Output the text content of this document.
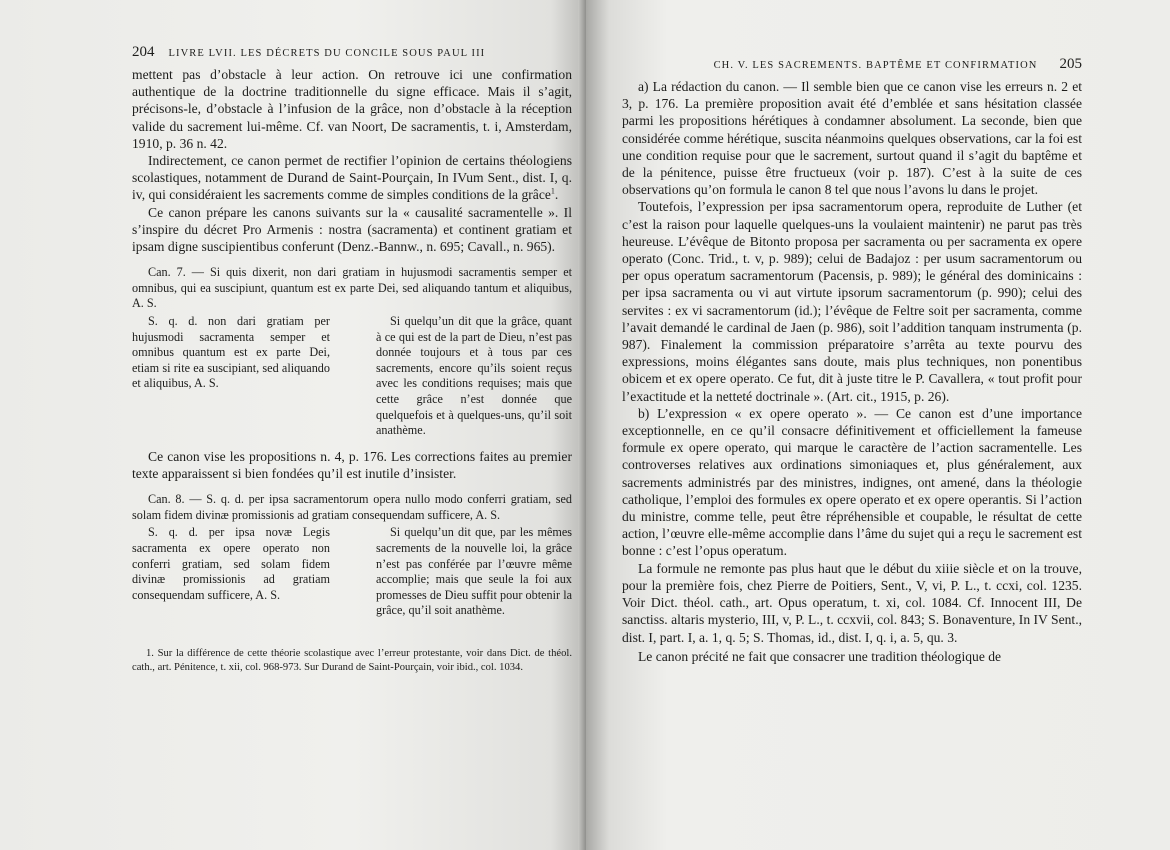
204 LIVRE LVII. LES DÉCRETS DU CONCILE SOUS PAUL III

mettent pas d’obstacle à leur action. On retrouve ici une confirmation authentique de la doctrine traditionnelle du signe efficace. Mais il s’agit, précisons-le, d’obstacle à l’infusion de la grâce, non d’obstacle à la réception valide du sacrement lui-même. Cf. van Noort, De sacramentis, t. i, Amsterdam, 1910, p. 36 n. 42.

Indirectement, ce canon permet de rectifier l’opinion de certains théologiens scolastiques, notamment de Durand de Saint-Pourçain, In IVum Sent., dist. I, q. iv, qui considéraient les sacrements comme de simples conditions de la grâce$^1$.

Ce canon prépare les canons suivants sur la « causalité sacramentelle ». Il s’inspire du décret Pro Armenis : nostra (sacramenta) et continent gratiam et ipsam digne suscipientibus conferunt (Denz.-Bannw., n. 695; Cavall., n. 965).

Can. 7. — Si quis dixerit, non dari gratiam in hujusmodi sacramentis semper et omnibus, qui ea suscipiunt, quantum est ex parte Dei, sed aliquando tantum et aliquibus, A. S.

S. q. d. non dari gratiam per hujusmodi sacramenta semper et omnibus quantum est ex parte Dei, etiam si rite ea suscipiant, sed aliquando et aliquibus, A. S.

Si quelqu’un dit que la grâce, quant à ce qui est de la part de Dieu, n’est pas donnée toujours et à tous par ces sacrements, encore qu’ils soient reçus avec les conditions requises; mais que cette grâce n’est donnée que quelquefois et à quelques-uns, qu’il soit anathème.

Ce canon vise les propositions n. 4, p. 176. Les corrections faites au premier texte apparaissent si bien fondées qu’il est inutile d’insister.

Can. 8. — S. q. d. per ipsa sacramentorum opera nullo modo conferri gratiam, sed solam fidem divinæ promissionis ad gratiam consequendam sufficere, A. S.

S. q. d. per ipsa novæ Legis sacramenta ex opere operato non conferri gratiam, sed solam fidem divinæ promissionis ad gratiam consequendam sufficere, A. S.

Si quelqu’un dit que, par les mêmes sacrements de la nouvelle loi, la grâce n’est pas conférée par l’œuvre même accomplie; mais que seule la foi aux promesses de Dieu suffit pour obtenir la grâce, qu’il soit anathème.

1. Sur la différence de cette théorie scolastique avec l’erreur protestante, voir dans Dict. de théol. cath., art. Pénitence, t. xii, col. 968-973. Sur Durand de Saint-Pourçain, voir ibid., col. 1034.

CH. V. LES SACREMENTS. BAPTÊME ET CONFIRMATION 205

a) La rédaction du canon. — Il semble bien que ce canon vise les erreurs n. 2 et 3, p. 176. La première proposition avait été d’emblée et sans hésitation classée parmi les propositions hérétiques à condamner absolument. La seconde, bien que considérée comme hérétique, suscita néanmoins quelques observations, car la foi est une condition requise pour que le sacrement, surtout quand il s’agit du baptême et de la pénitence, puisse être fructueux (voir p. 187). C’est à la suite de ces observations qu’on formula le canon 8 tel que nous l’avons lu dans le projet.

Toutefois, l’expression per ipsa sacramentorum opera, reproduite de Luther (et c’est la raison pour laquelle quelques-uns la voulaient maintenir) ne parut pas très heureuse. L’évêque de Bitonto proposa per sacramenta ou per sacramenta ex opere operato (Conc. Trid., t. v, p. 989); celui de Badajoz : per usum sacramentorum ou per opus operatum sacramentorum (Pacensis, p. 989); le général des dominicains : per ipsa sacramenta ou vi aut virtute ipsorum sacramentorum (p. 990); celui des servites : ex vi sacramentorum (id.); l’évêque de Feltre soit per sacramenta, comme l’avait demandé le cardinal de Jaen (p. 986), soit l’addition tanquam instrumenta (p. 987). Finalement la commission préparatoire s’arrêta au texte pourvu des expressions, moins élégantes sans doute, mais plus techniques, non ponentibus obicem et ex opere operato. Ce fut, dit à juste titre le P. Cavallera, « tout profit pour l’exactitude et la netteté doctrinale ». (Art. cit., 1915, p. 26).

b) L’expression « ex opere operato ». — Ce canon est d’une importance exceptionnelle, en ce qu’il consacre définitivement et officiellement la fameuse formule ex opere operato, qui marque le caractère de l’action sacramentelle. Les controverses relatives aux ordinations simoniaques et, plus généralement, aux sacrements administrés par des ministres, indignes, ont amené, dans la théologie catholique, l’emploi des formules ex opere operato et ex opere operantis. Si l’action du ministre, comme telle, peut être répréhensible et coupable, le résultat de cette action, l’œuvre elle-même accomplie dans l’âme du sujet qui a reçu le sacrement est bonne : c’est l’opus operatum.

La formule ne remonte pas plus haut que le début du xiiie siècle et on la trouve, pour la première fois, chez Pierre de Poitiers, Sent., V, vi, P. L., t. ccxi, col. 1235. Voir Dict. théol. cath., art. Opus operatum, t. xi, col. 1084. Cf. Innocent III, De sanctiss. altaris mysterio, III, v, P. L., t. ccxvii, col. 843; S. Bonaventure, In IV Sent., dist. I, part. I, a. 1, q. 5; S. Thomas, id., dist. I, q. i, a. 5, qu. 3.

Le canon précité ne fait que consacrer une tradition théologique de
